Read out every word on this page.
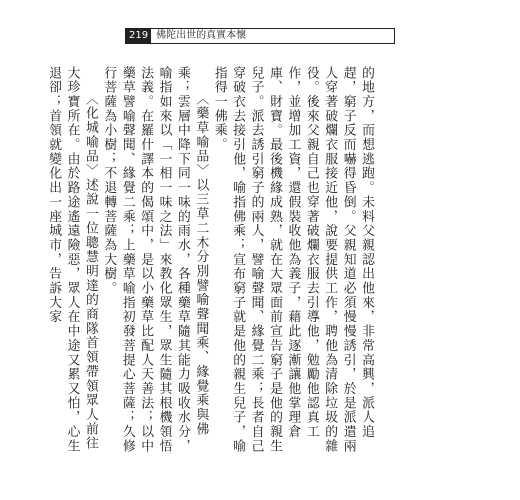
219 佛陀出世的真實本懷

的地方，而想逃跑。未料父親認出他來，非常高興，派人追趕，窮子反而嚇得昏倒。父親知道必須慢慢誘引，於是派遣兩人穿著破爛衣服接近他，說要提供工作，聘他為清除垃圾的雜役。後來父親自己也穿著破爛衣服去引導他，勉勵他認真工作，並增加工資，還假裝收他為義子，藉此逐漸讓他掌理倉庫、財寶。最後機緣成熟，就在大眾面前宣告窮子是他的親生兒子。派去誘引窮子的兩人，譬喻聲聞、緣覺二乘；長者自己穿破衣去接引他，喻指佛乘；宣布窮子就是他的親生兒子，喻指得一佛乘。

〈藥草喻品〉以三草二木分別譬喻聲聞乘、緣覺乘與佛乘；雲層中降下同一味的雨水，各種藥草隨其能力吸收水分，喻指如來以「一相一味之法」來教化眾生，眾生隨其根機領悟法義。在羅什譯本的偈頌中，是以小藥草比配人天善法；以中藥草譬喻聲聞、緣覺二乘；上藥草喻指初發菩提心菩薩；久修行菩薩為小樹；不退轉菩薩為大樹。

〈化城喻品〉述說一位聰慧明達的商隊首領帶領眾人前往大珍寶所在。由於路途遙遠險惡，眾人在中途又累又怕，心生退卻；首領就變化出一座城市，告訴大家
